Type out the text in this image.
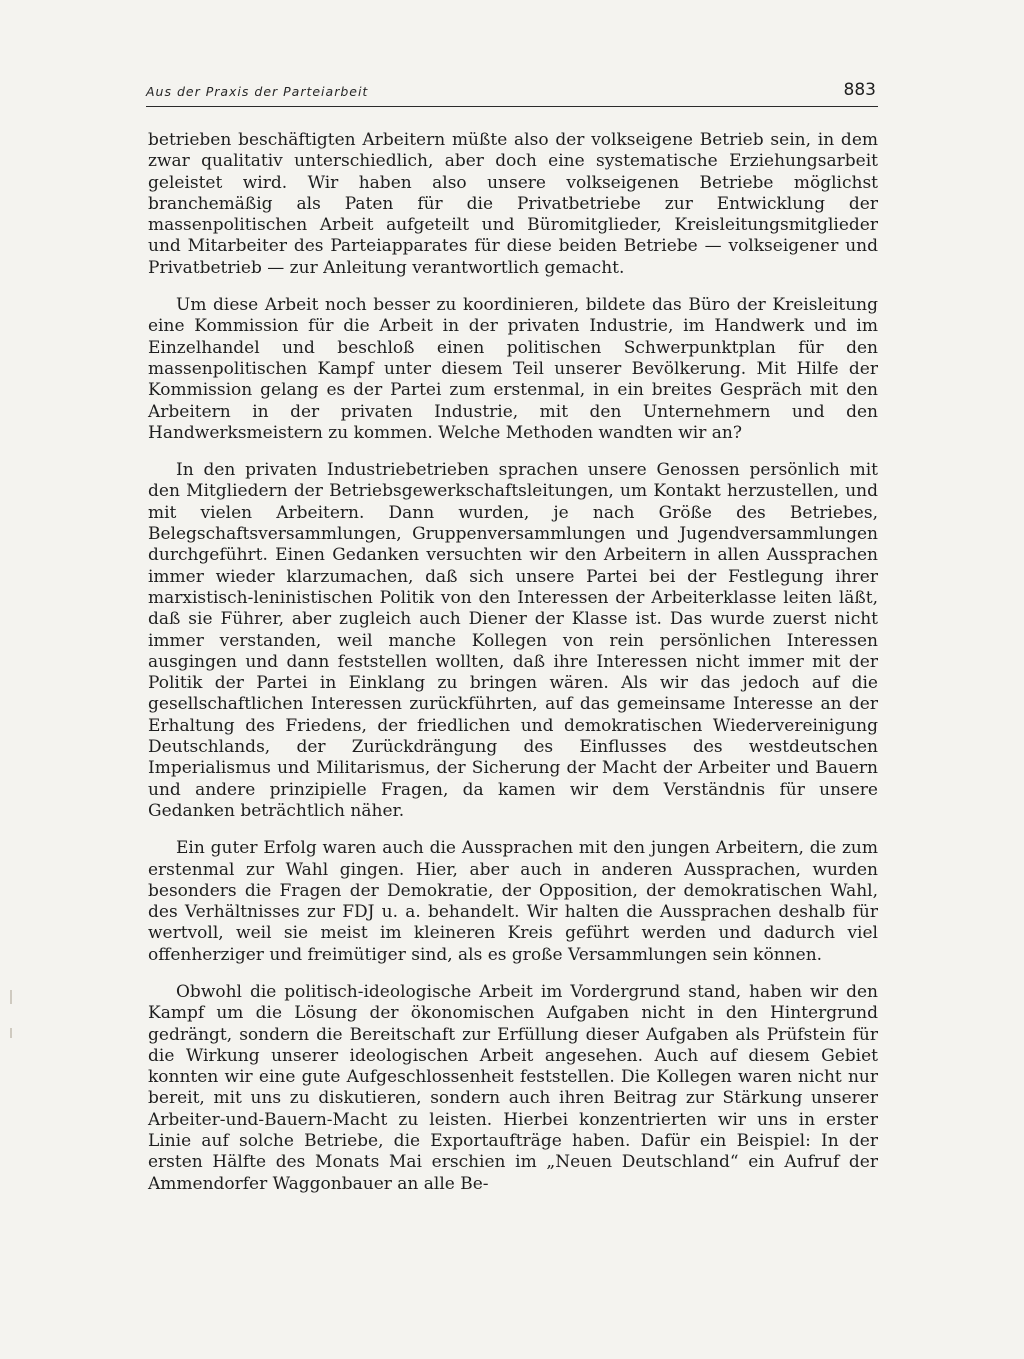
Aus der Praxis der Parteiarbeit	883

betrieben beschäftigten Arbeitern müßte also der volkseigene Betrieb sein, in dem zwar qualitativ unterschiedlich, aber doch eine systematische Erziehungsarbeit geleistet wird. Wir haben also unsere volkseigenen Betriebe möglichst branchemäßig als Paten für die Privatbetriebe zur Entwicklung der massenpolitischen Arbeit aufgeteilt und Büromitglieder, Kreisleitungsmitglieder und Mitarbeiter des Parteiapparates für diese beiden Betriebe — volkseigener und Privatbetrieb — zur Anleitung verantwortlich gemacht.

Um diese Arbeit noch besser zu koordinieren, bildete das Büro der Kreisleitung eine Kommission für die Arbeit in der privaten Industrie, im Handwerk und im Einzelhandel und beschloß einen politischen Schwerpunktplan für den massenpolitischen Kampf unter diesem Teil unserer Bevölkerung. Mit Hilfe der Kommission gelang es der Partei zum erstenmal, in ein breites Gespräch mit den Arbeitern in der privaten Industrie, mit den Unternehmern und den Handwerksmeistern zu kommen. Welche Methoden wandten wir an?

In den privaten Industriebetrieben sprachen unsere Genossen persönlich mit den Mitgliedern der Betriebsgewerkschaftsleitungen, um Kontakt herzustellen, und mit vielen Arbeitern. Dann wurden, je nach Größe des Betriebes, Belegschaftsversammlungen, Gruppenversammlungen und Jugendversammlungen durchgeführt. Einen Gedanken versuchten wir den Arbeitern in allen Aussprachen immer wieder klarzumachen, daß sich unsere Partei bei der Festlegung ihrer marxistisch-leninistischen Politik von den Interessen der Arbeiterklasse leiten läßt, daß sie Führer, aber zugleich auch Diener der Klasse ist. Das wurde zuerst nicht immer verstanden, weil manche Kollegen von rein persönlichen Interessen ausgingen und dann feststellen wollten, daß ihre Interessen nicht immer mit der Politik der Partei in Einklang zu bringen wären. Als wir das jedoch auf die gesellschaftlichen Interessen zurückführten, auf das gemeinsame Interesse an der Erhaltung des Friedens, der friedlichen und demokratischen Wiedervereinigung Deutschlands, der Zurückdrängung des Einflusses des westdeutschen Imperialismus und Militarismus, der Sicherung der Macht der Arbeiter und Bauern und andere prinzipielle Fragen, da kamen wir dem Verständnis für unsere Gedanken beträchtlich näher.

Ein guter Erfolg waren auch die Aussprachen mit den jungen Arbeitern, die zum erstenmal zur Wahl gingen. Hier, aber auch in anderen Aussprachen, wurden besonders die Fragen der Demokratie, der Opposition, der demokratischen Wahl, des Verhältnisses zur FDJ u. a. behandelt. Wir halten die Aussprachen deshalb für wertvoll, weil sie meist im kleineren Kreis geführt werden und dadurch viel offenherziger und freimütiger sind, als es große Versammlungen sein können.

Obwohl die politisch-ideologische Arbeit im Vordergrund stand, haben wir den Kampf um die Lösung der ökonomischen Aufgaben nicht in den Hintergrund gedrängt, sondern die Bereitschaft zur Erfüllung dieser Aufgaben als Prüfstein für die Wirkung unserer ideologischen Arbeit angesehen. Auch auf diesem Gebiet konnten wir eine gute Aufgeschlossenheit feststellen. Die Kollegen waren nicht nur bereit, mit uns zu diskutieren, sondern auch ihren Beitrag zur Stärkung unserer Arbeiter-und-Bauern-Macht zu leisten. Hierbei konzentrierten wir uns in erster Linie auf solche Betriebe, die Exportaufträge haben. Dafür ein Beispiel: In der ersten Hälfte des Monats Mai erschien im „Neuen Deutschland“ ein Aufruf der Ammendorfer Waggonbauer an alle Be-
